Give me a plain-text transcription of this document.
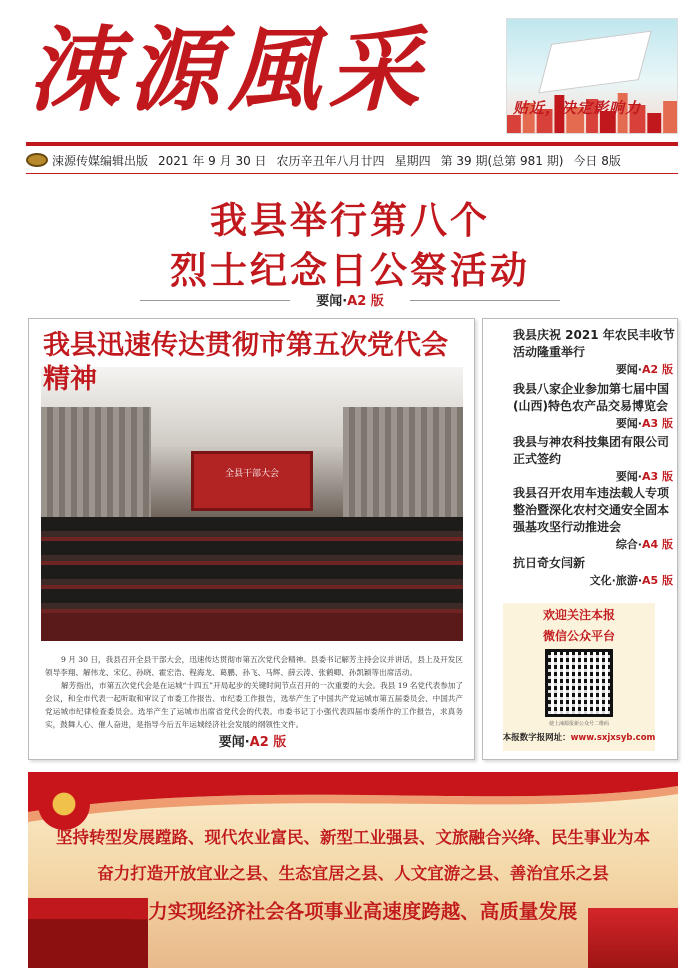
涑源風采	贴近，决定影响力
涑源传媒编辑出版 2021 年 9 月 30 日 农历辛丑年八月廿四 星期四 第 39 期(总第 981 期) 今日 8版
我县举行第八个
烈士纪念日公祭活动
要闻·A2 版
我县迅速传达贯彻市第五次党代会精神
全县干部大会

9 月 30 日，我县召开全县干部大会，迅速传达贯彻市第五次党代会精神。县委书记解芳主持会议并讲话，县上及开发区领导李翔、解伟龙、宋亿、孙晓、霍宏浩、程海龙、葛鹏、孙飞、马辉、薛云涛、张鹤卿、孙凯颖等出席活动。

解芳指出，市第五次党代会是在运城“十四五”开局起步的关键时间节点召开的一次重要的大会。我县 19 名党代表参加了会议，和全市代表一起听取和审议了市委工作报告、市纪委工作报告，选举产生了中国共产党运城市第五届委员会、中国共产党运城市纪律检查委员会。选举产生了运城市出席省党代会的代表。市委书记丁小强代表四届市委所作的工作报告，求真务实，鼓舞人心、催人奋进，是指导今后五年运城经济社会发展的纲领性文件。

要闻·A2 版
我县庆祝 2021 年农民丰收节活动隆重举行
要闻·A2 版
我县八家企业参加第七届中国(山西)特色农产品交易博览会
要闻·A3 版
我县与神农科技集团有限公司正式签约
要闻·A3 版
我县召开农用车违法载人专项整治暨深化农村交通安全固本强基攻坚行动推进会
综合·A4 版
抗日奇女闫新
文化·旅游·A5 版
欢迎关注本报
微信公众平台
使上涑源报新公众号二维码
本报数字报网址：www.sxjxsyb.com
坚持转型发展蹚路、现代农业富民、新型工业强县、文旅融合兴绛、民生事业为本
奋力打造开放宜业之县、生态宜居之县、人文宜游之县、善治宜乐之县
全力实现经济社会各项事业高速度跨越、高质量发展
